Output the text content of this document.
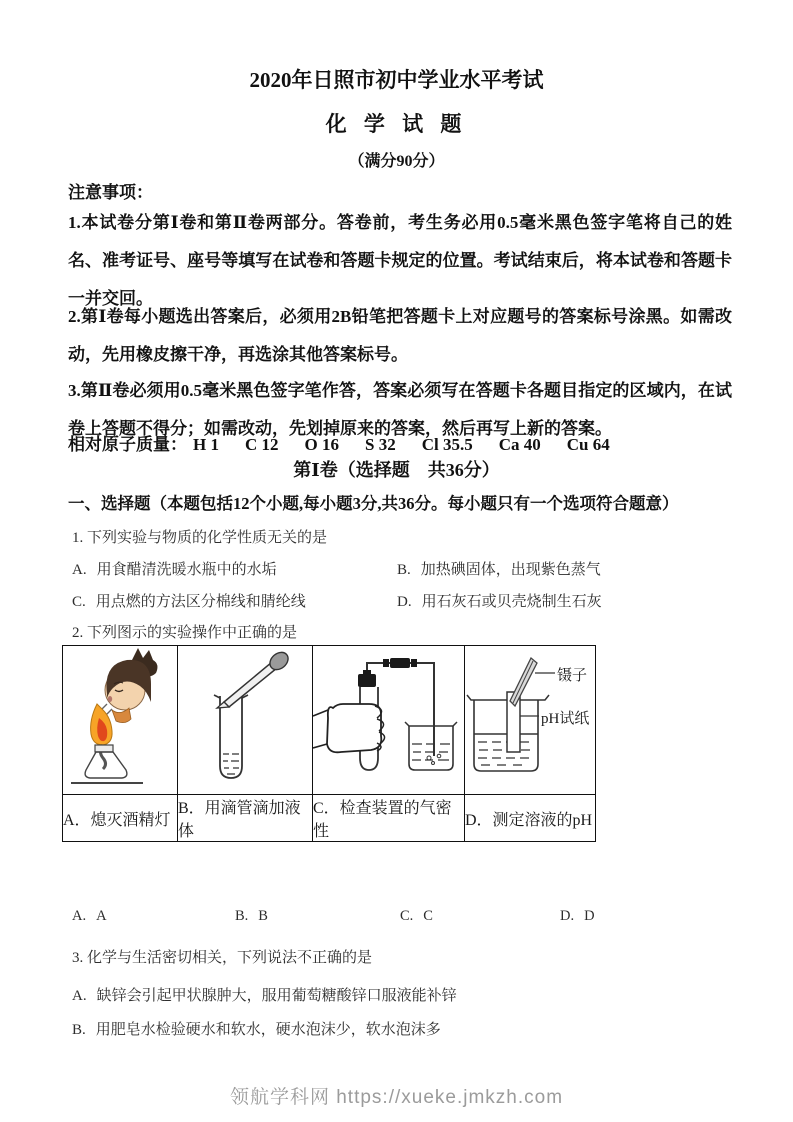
2020年日照市初中学业水平考试
化 学 试 题
（满分90分）
注意事项：
1.本试卷分第Ⅰ卷和第Ⅱ卷两部分。答卷前，考生务必用0.5毫米黑色签字笔将自己的姓名、准考证号、座号等填写在试卷和答题卡规定的位置。考试结束后，将本试卷和答题卡一并交回。
2.第Ⅰ卷每小题选出答案后，必须用2B铅笔把答题卡上对应题号的答案标号涂黑。如需改动，先用橡皮擦干净，再选涂其他答案标号。
3.第Ⅱ卷必须用0.5毫米黑色签字笔作答，答案必须写在答题卡各题目指定的区域内，在试卷上答题不得分；如需改动，先划掉原来的答案，然后再写上新的答案。
相对原子质量： H 1 C 12 O 16 S 32 Cl 35.5 Ca 40 Cu 64
第Ⅰ卷（选择题　共36分）
一、选择题（本题包括12个小题,每小题3分,共36分。每小题只有一个选项符合题意）
1. 下列实验与物质的化学性质无关的是
A. 用食醋清洗暖水瓶中的水垢	B. 加热碘固体，出现紫色蒸气
C. 用点燃的方法区分棉线和腈纶线	D. 用石灰石或贝壳烧制生石灰
2. 下列图示的实验操作中正确的是

镊子
pH试纸

A．熄灭酒精灯	B．用滴管滴加液体	C．检查装置的气密性	D．测定溶液的pH
A. A	B. B	C. C	D. D
3. 化学与生活密切相关，下列说法不正确的是
A. 缺锌会引起甲状腺肿大，服用葡萄糖酸锌口服液能补锌
B. 用肥皂水检验硬水和软水，硬水泡沫少，软水泡沫多
领航学科网 https://xueke.jmkzh.com
